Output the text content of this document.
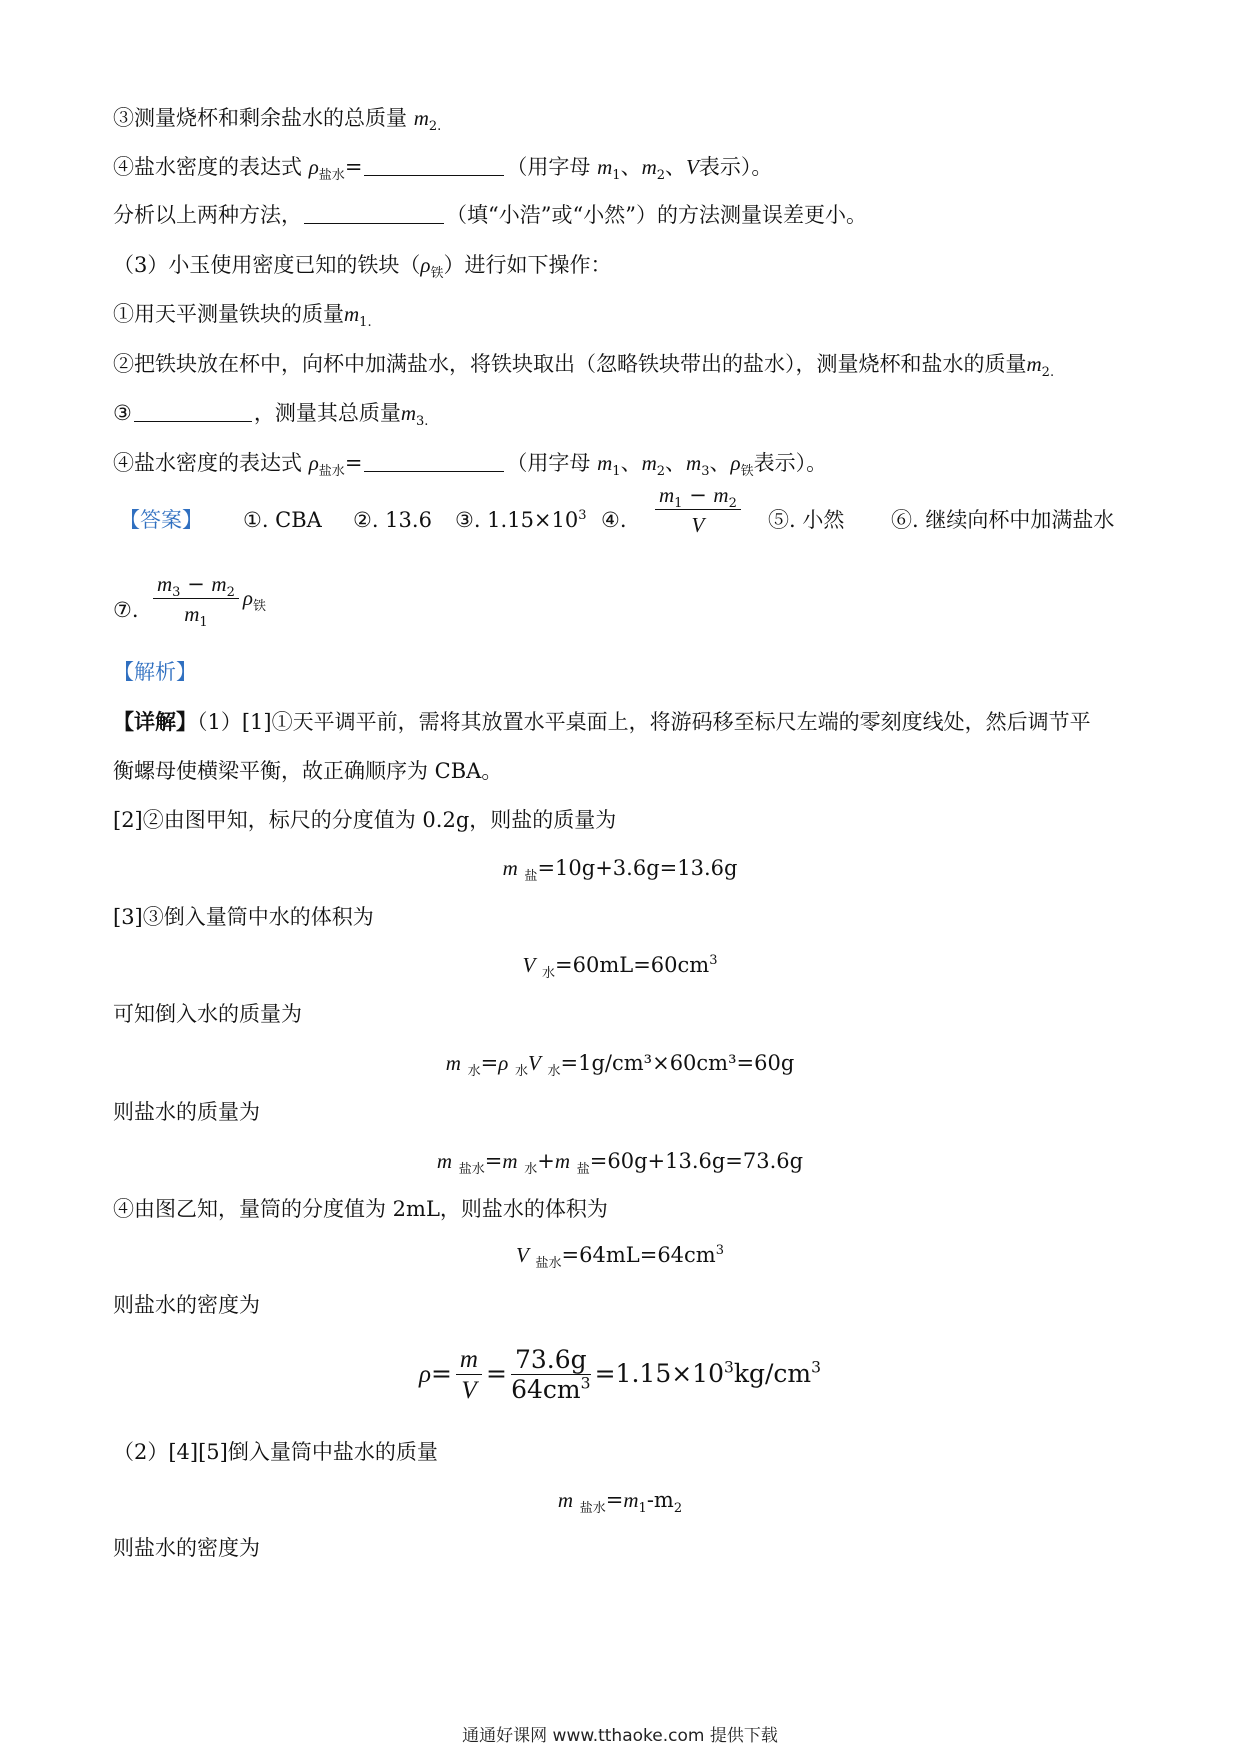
③测量烧杯和剩余盐水的总质量 $m_{2.}$
④盐水密度的表达式 $\rho_{盐水}=$	（用字母 $m_1$、$m_2$、V表示）。
分析以上两种方法，	（填“小浩”或“小然”）的方法测量误差更小。
（3）小玉使用密度已知的铁块$(\rho_铁)$进行如下操作：
①用天平测量铁块的质量$m_{1.}$
②把铁块放在杯中，向杯中加满盐水，将铁块取出（忽略铁块带出的盐水），测量烧杯和盐水的质量$m_{2.}$
③	，测量其总质量$m_{3.}$
④盐水密度的表达式 $\rho_{盐水}=$	（用字母 $m_1$、$m_2$、$m_3$、$\rho_铁$表示）。
【答案】 ①. CBA ②. 13.6 ③. $1.15\times 10^3$ ④. $\frac{m_1 - m_2}{V}$ ⑤. 小然 ⑥. 继续向杯中加满盐水
⑦. $\frac{m_3 - m_2}{m_1} \rho_铁$
【解析】
【详解】（1）[1]①天平调平前，需将其放置水平桌面上，将游码移至标尺左端的零刻度线处，然后调节平
衡螺母使横梁平衡，故正确顺序为 CBA。
[2]②由图甲知，标尺的分度值为 0.2g，则盐的质量为
m $_盐$=10g+3.6g=13.6g
[3]③倒入量筒中水的体积为
V $_水=60mL=60cm^3$
可知倒入水的质量为
m $_水$=ρ $_水$V $_水$=1g/cm³×60cm³=60g
则盐水的质量为
m $_{盐水}$=m $_水$+m $_盐$=60g+13.6g=73.6g
④由图乙知，量筒的分度值为 2mL，则盐水的体积为
V $_{盐水}=64mL=64cm^3$
则盐水的密度为
$\rho= \frac{m}{V} = \frac{73.6g}{64cm^3} =1.15\times 10^3kg/cm^3$
（2）[4][5]倒入量筒中盐水的质量
m $_{盐水}=m_1-m_2$
则盐水的密度为
通通好课网 www.tthaoke.com 提供下载
